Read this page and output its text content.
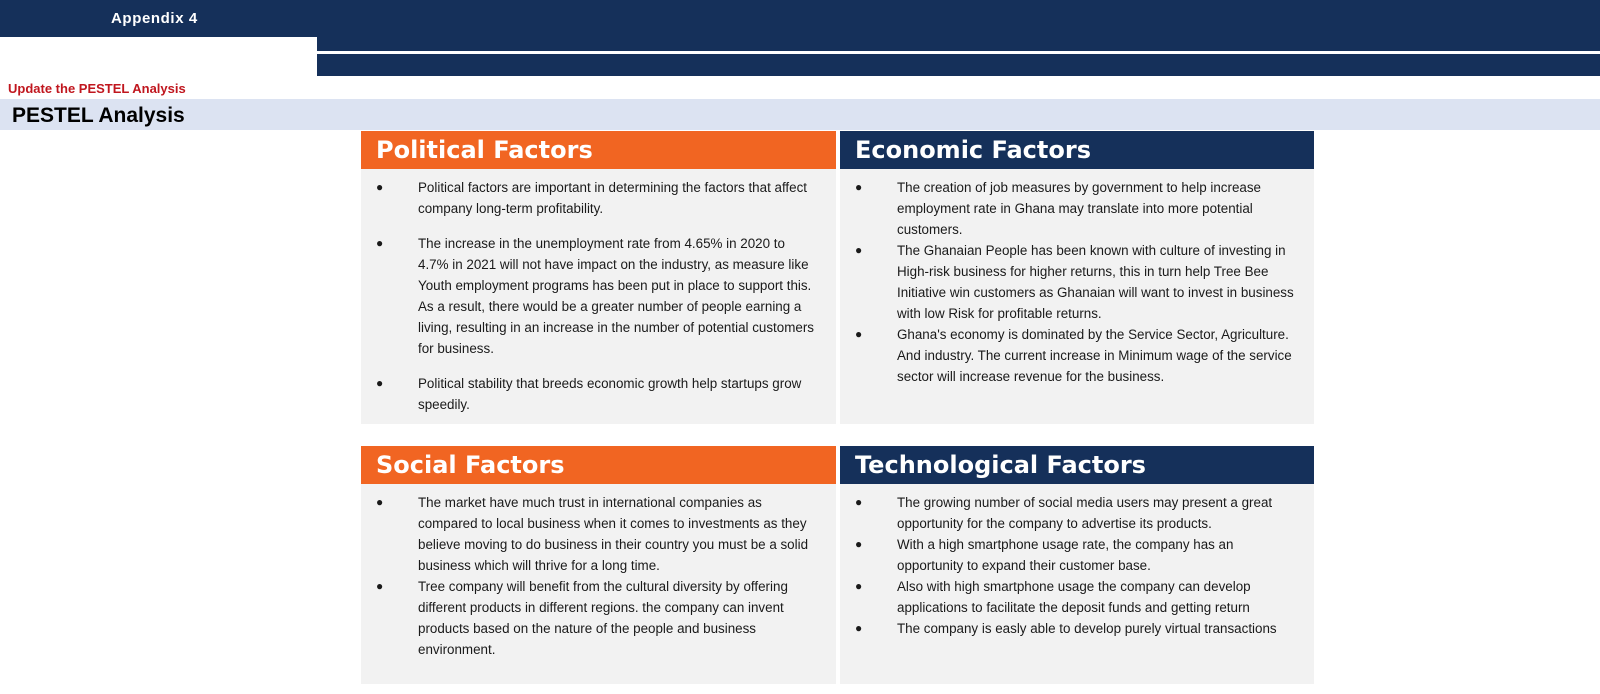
Appendix 4
Update the PESTEL Analysis
PESTEL Analysis
Political Factors
●	Political factors are important in determining the factors that affect company long-term profitability.
●	The increase in the unemployment rate from 4.65% in 2020 to 4.7% in 2021 will not have impact on the industry, as measure like Youth employment programs has been put in place to support this. As a result, there would be a greater number of people earning a living, resulting in an increase in the number of potential customers for business.
●	Political stability that breeds economic growth help startups grow speedily.
Economic Factors
●	The creation of job measures by government to help increase employment rate in Ghana may translate into more potential customers.
●	The Ghanaian People has been known with culture of investing in High-risk business for higher returns, this in turn help Tree Bee Initiative win customers as Ghanaian will want to invest in business with low Risk for profitable returns.
●	Ghana's economy is dominated by the Service Sector, Agriculture. And industry. The current increase in Minimum wage of the service sector will increase revenue for the business.
Social Factors
●	The market have much trust in international companies as compared to local business when it comes to investments as they believe moving to do business in their country you must be a solid business which will thrive for a long time.
●	Tree company will benefit from the cultural diversity by offering different products in different regions. the company can invent products based on the nature of the people and business environment.
Technological Factors
●	The growing number of social media users may present a great opportunity for the company to advertise its products.
●	With a high smartphone usage rate, the company has an opportunity to expand their customer base.
●	Also with high smartphone usage the company can develop applications to facilitate the deposit funds and getting return
●	The company is easly able to develop purely virtual transactions
